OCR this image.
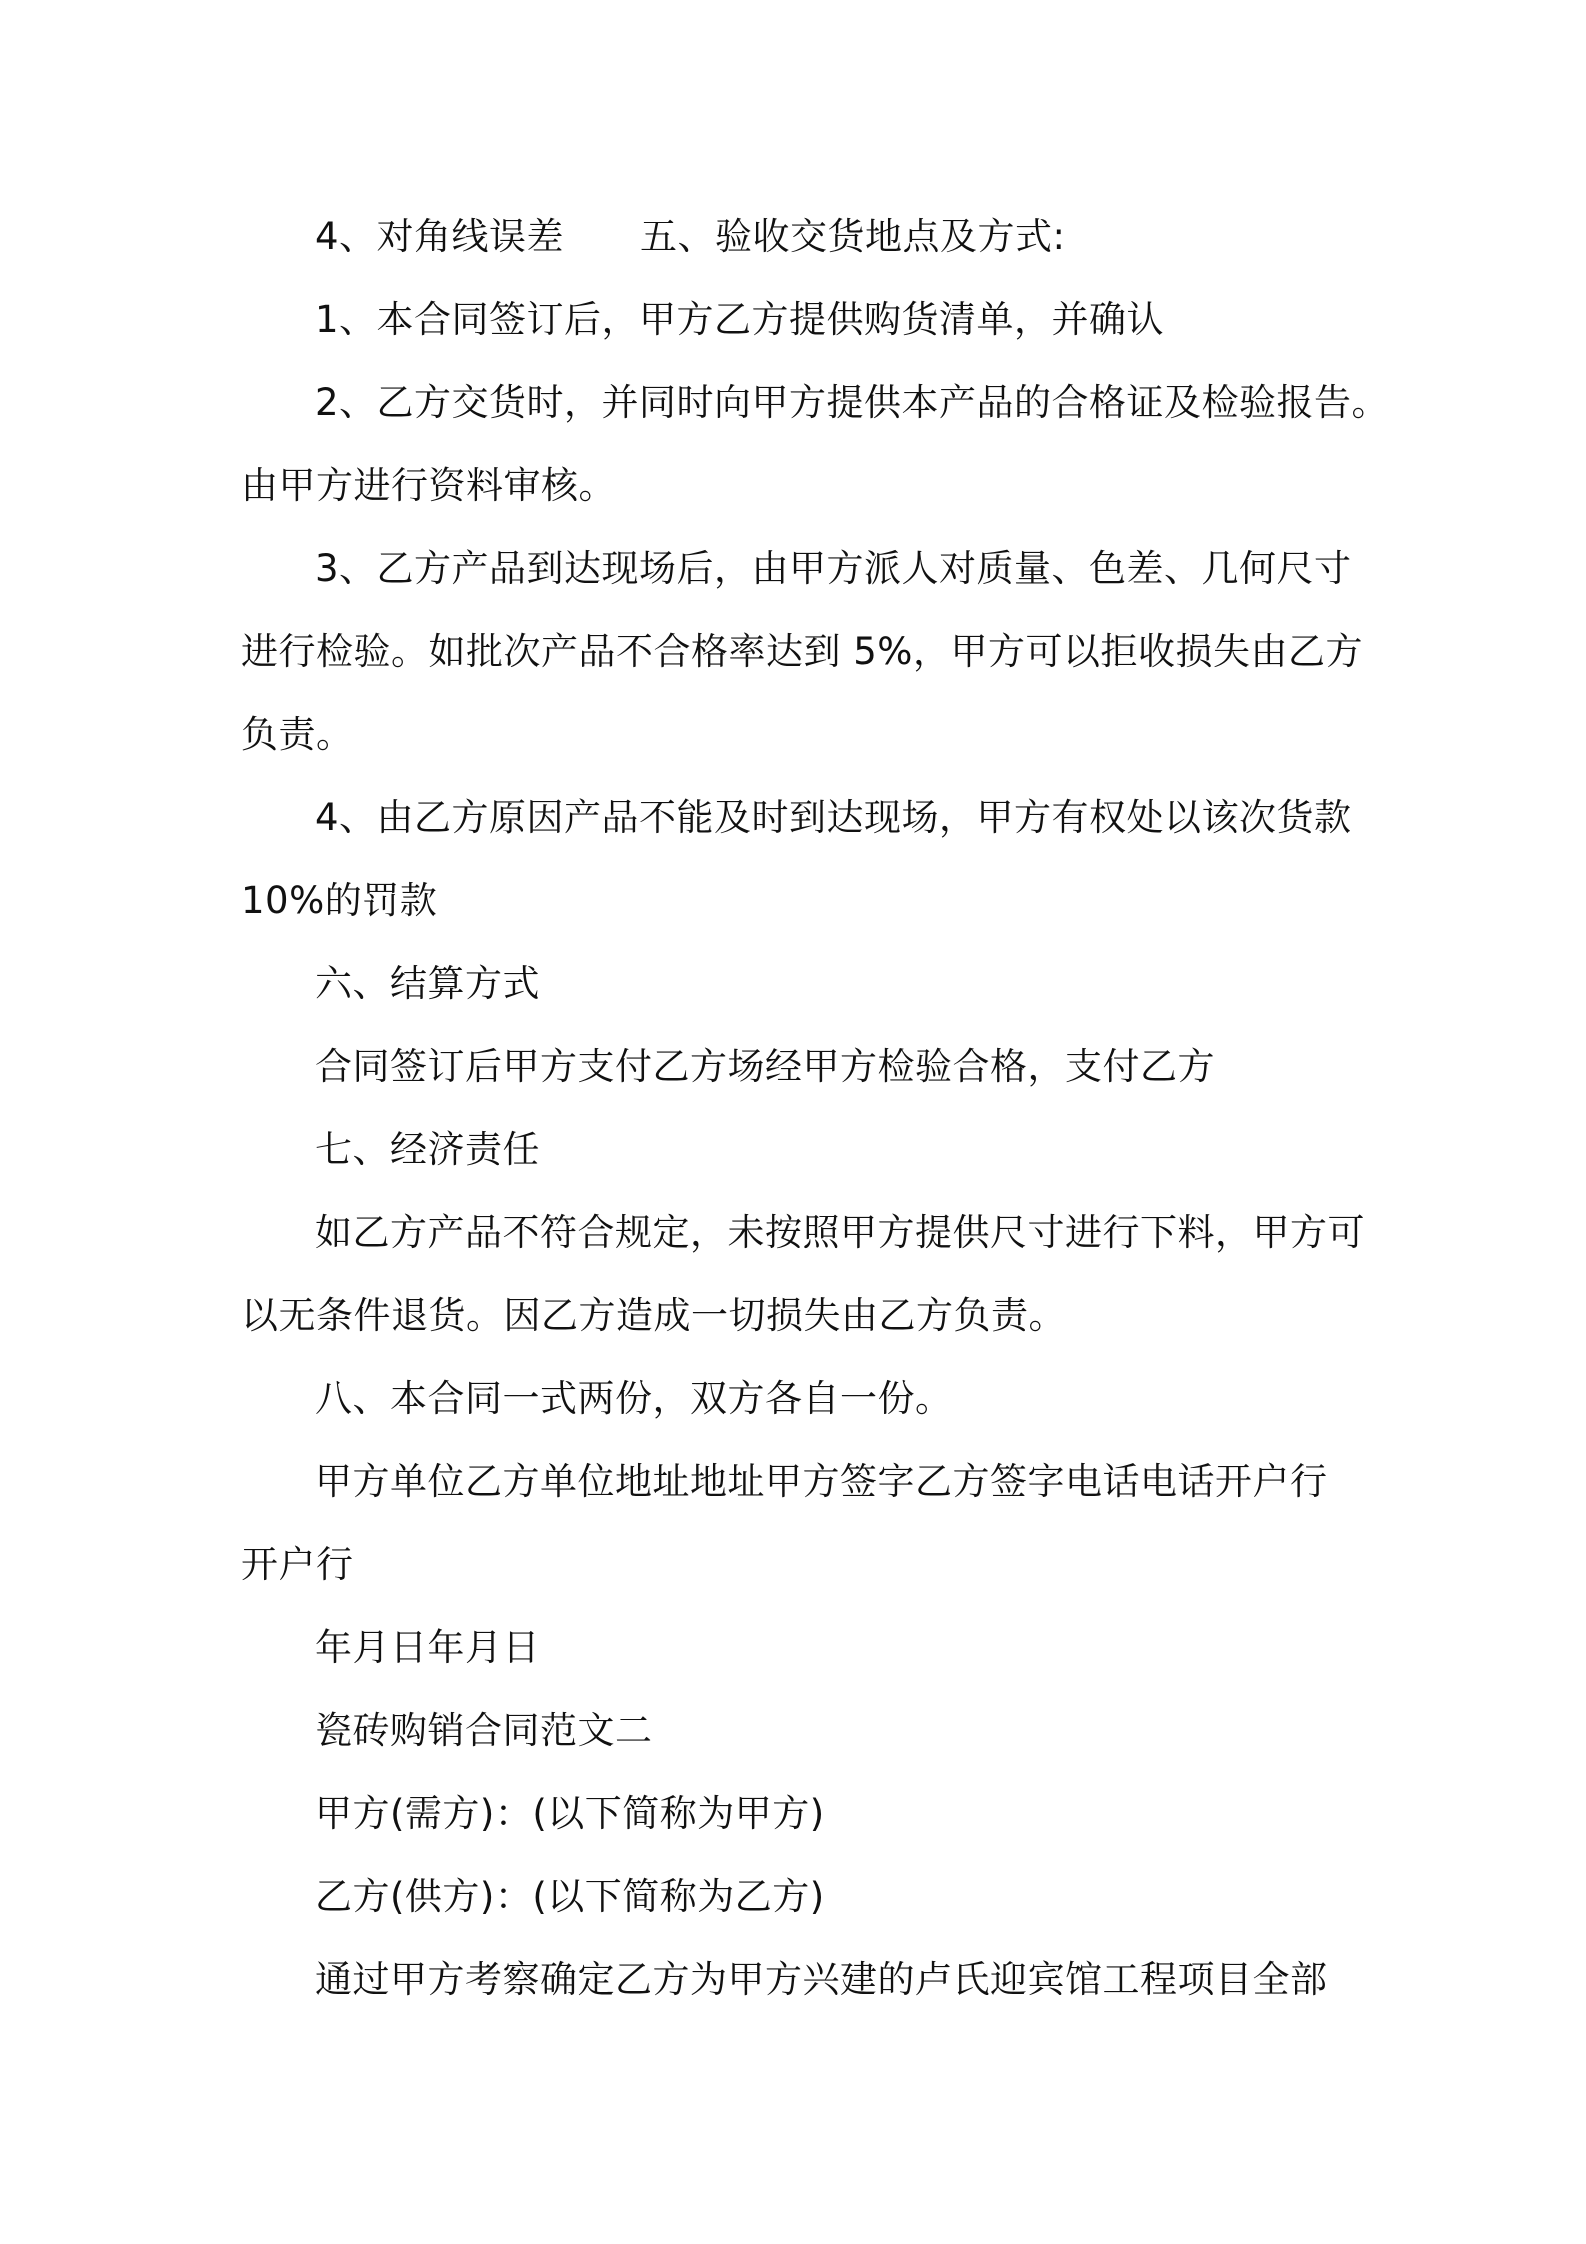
4、对角线误差 五、验收交货地点及方式:

1、本合同签订后，甲方乙方提供购货清单，并确认

2、乙方交货时，并同时向甲方提供本产品的合格证及检验报告。

由甲方进行资料审核。

3、乙方产品到达现场后，由甲方派人对质量、色差、几何尺寸

进行检验。如批次产品不合格率达到 5%，甲方可以拒收损失由乙方

负责。

4、由乙方原因产品不能及时到达现场，甲方有权处以该次货款

10%的罚款

六、结算方式

合同签订后甲方支付乙方场经甲方检验合格，支付乙方

七、经济责任

如乙方产品不符合规定，未按照甲方提供尺寸进行下料，甲方可

以无条件退货。因乙方造成一切损失由乙方负责。

八、本合同一式两份，双方各自一份。

甲方单位乙方单位地址地址甲方签字乙方签字电话电话开户行

开户行

年月日年月日

瓷砖购销合同范文二

甲方(需方)：(以下简称为甲方)

乙方(供方)：(以下简称为乙方)

通过甲方考察确定乙方为甲方兴建的卢氏迎宾馆工程项目全部
